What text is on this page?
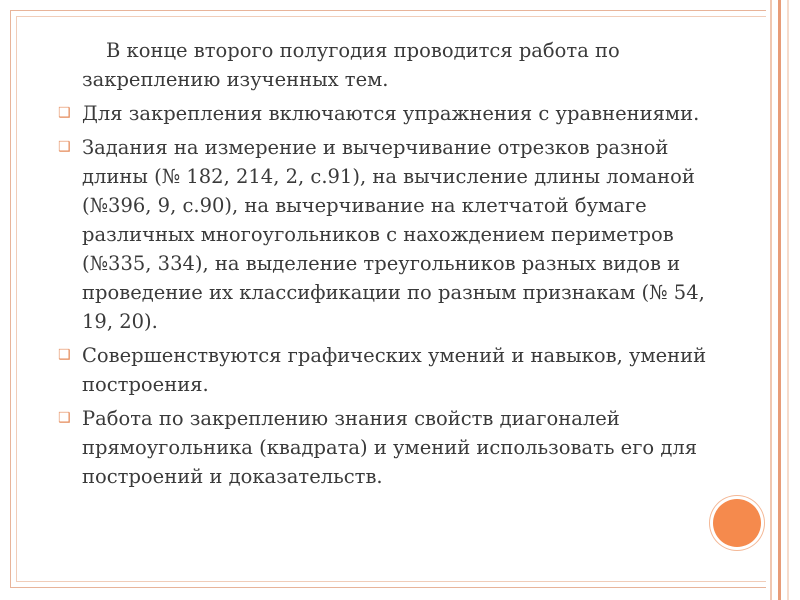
В конце второго полугодия проводится работа по закреплению изученных тем.

❑ Для закрепления включаются упражнения с уравнениями.

❑ Задания на измерение и вычерчивание отрезков разной длины (№ 182, 214, 2, с.91), на вычисление длины ломаной (№396, 9, с.90), на вычерчивание на клетчатой бумаге различных многоугольников с нахождением периметров (№335, 334), на выделение треугольников разных видов и проведение их классификации по разным признакам (№ 54, 19, 20).

❑ Совершенствуются графических умений и навыков, умений построения.

❑ Работа по закреплению знания свойств диагоналей прямоугольника (квадрата) и умений использовать его для построений и доказательств.
